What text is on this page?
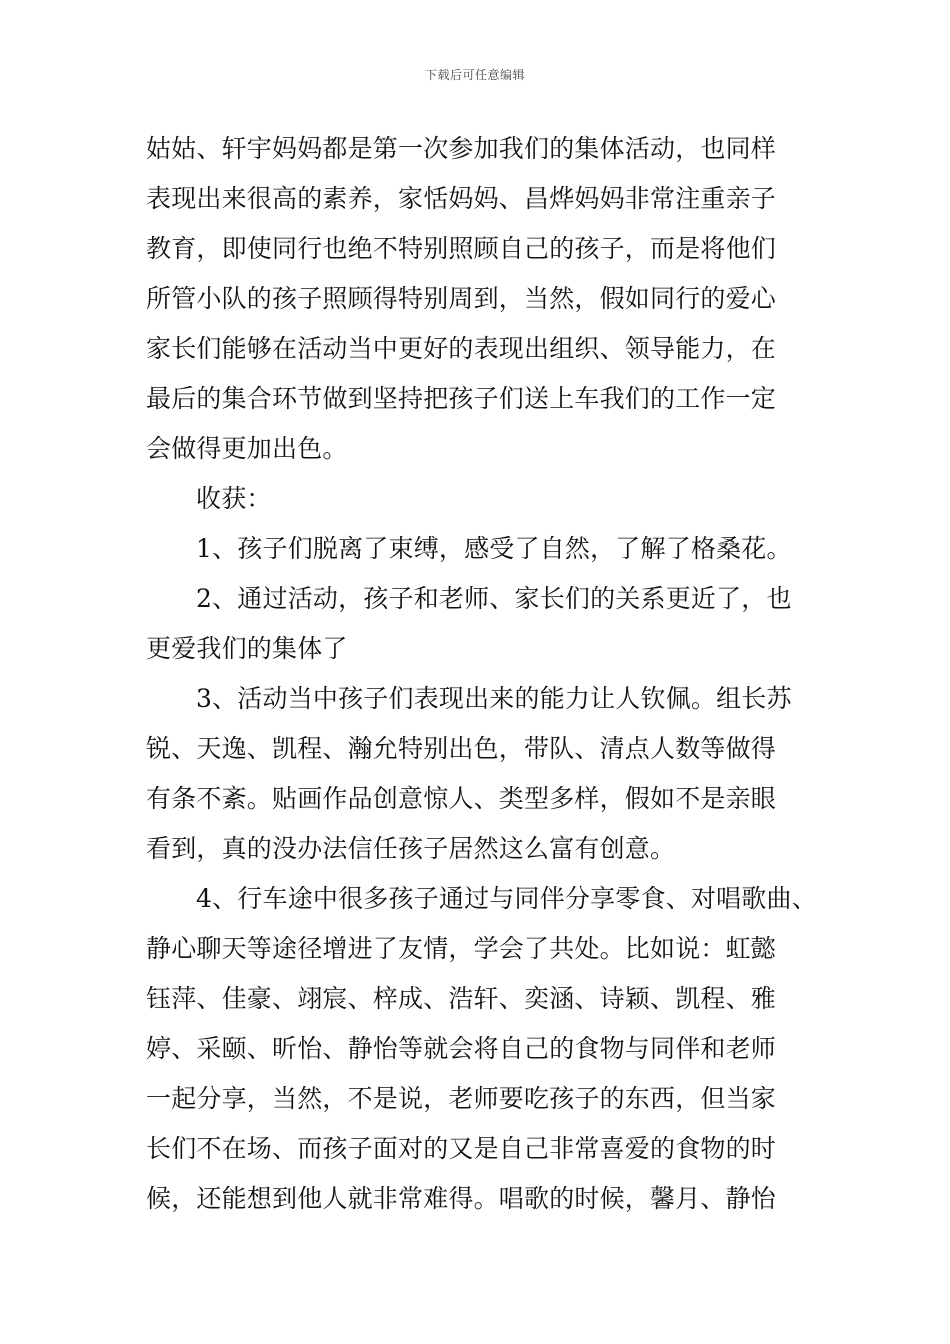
下载后可任意编辑
姑姑、轩宇妈妈都是第一次参加我们的集体活动，也同样
表现出来很高的素养，家恬妈妈、昌烨妈妈非常注重亲子
教育，即使同行也绝不特别照顾自己的孩子，而是将他们
所管小队的孩子照顾得特别周到，当然，假如同行的爱心
家长们能够在活动当中更好的表现出组织、领导能力，在
最后的集合环节做到坚持把孩子们送上车我们的工作一定
会做得更加出色。
收获：
1、孩子们脱离了束缚，感受了自然，了解了格桑花。
2、通过活动，孩子和老师、家长们的关系更近了，也
更爱我们的集体了
3、活动当中孩子们表现出来的能力让人钦佩。组长苏
锐、天逸、凯程、瀚允特别出色，带队、清点人数等做得
有条不紊。贴画作品创意惊人、类型多样，假如不是亲眼
看到，真的没办法信任孩子居然这么富有创意。
4、行车途中很多孩子通过与同伴分享零食、对唱歌曲、
静心聊天等途径增进了友情，学会了共处。比如说：虹懿
钰萍、佳豪、翊宸、梓成、浩轩、奕涵、诗颖、凯程、雅
婷、采颐、昕怡、静怡等就会将自己的食物与同伴和老师
一起分享，当然，不是说，老师要吃孩子的东西，但当家
长们不在场、而孩子面对的又是自己非常喜爱的食物的时
候，还能想到他人就非常难得。唱歌的时候，馨月、静怡
